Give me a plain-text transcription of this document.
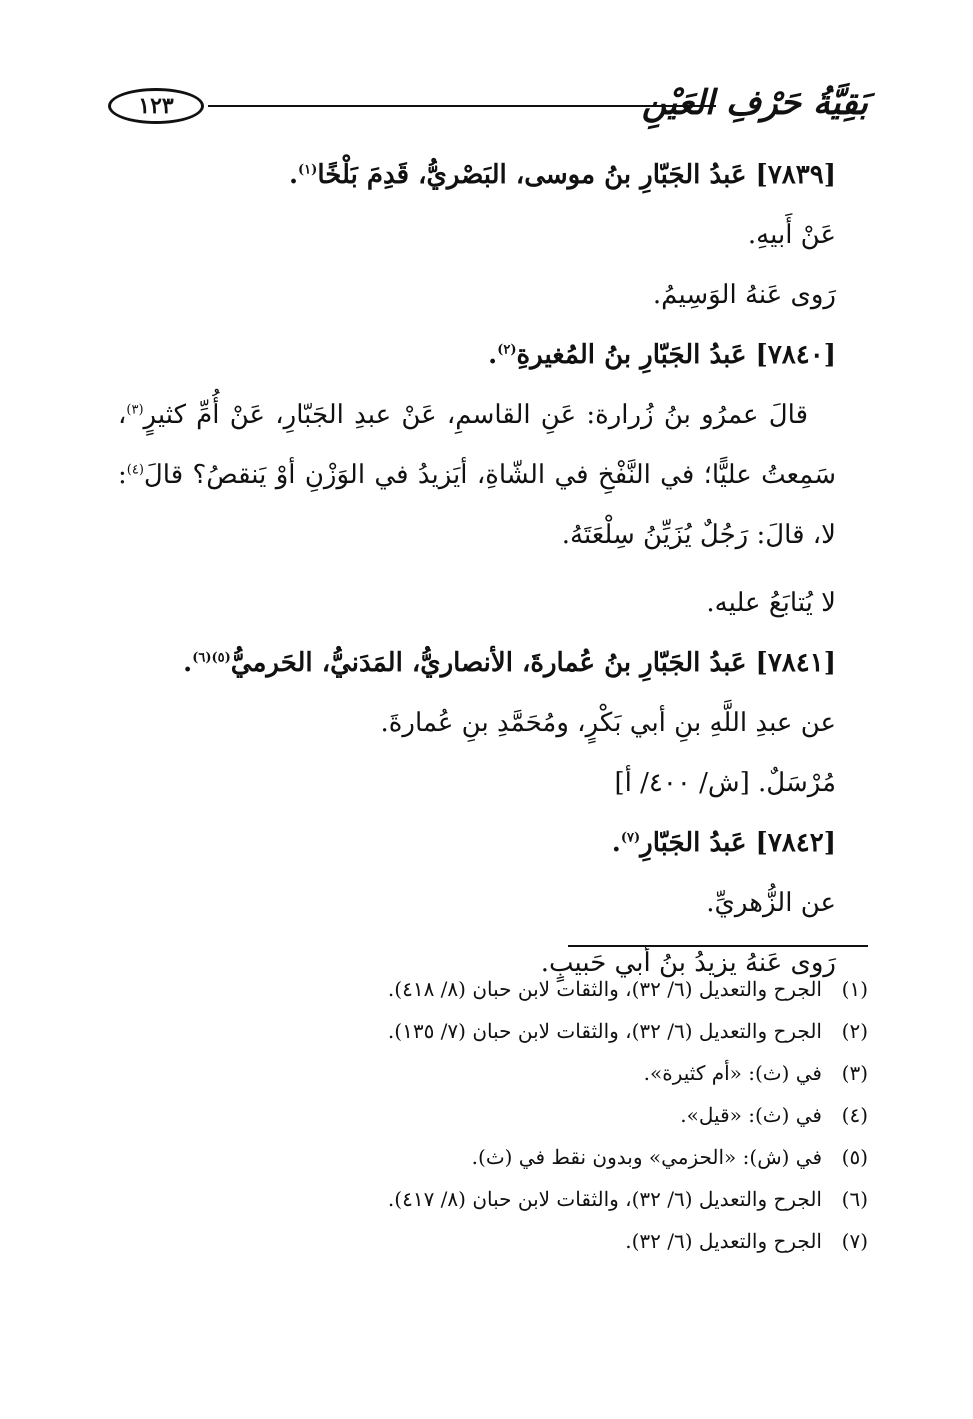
١٢٣	بَقِيَّةُ حَرْفِ العَيْنِ
[٧٨٣٩] عَبدُ الجَبّارِ بنُ موسى، البَصْريُّ، قَدِمَ بَلْخًا$^{(١)}$.
عَنْ أَبيهِ.
رَوى عَنهُ الوَسِيمُ.
[٧٨٤٠] عَبدُ الجَبّارِ بنُ المُغيرةِ$^{(٢)}$.

قالَ عمرُو بنُ زُرارة: عَنِ القاسمِ، عَنْ عبدِ الجَبّارِ، عَنْ أُمِّ كثيرٍ$^{(٣)}$، سَمِعتُ عليًّا؛ في النَّفْخِ في الشّاةِ، أيَزيدُ في الوَزْنِ أوْ يَنقصُ؟ قالَ$^{(٤)}$: لا، قالَ: رَجُلٌ يُزَيِّنُ سِلْعَتَهُ.

لا يُتابَعُ عليه.
[٧٨٤١] عَبدُ الجَبّارِ بنُ عُمارةَ، الأنصاريُّ، المَدَنيُّ، الحَرميُّ$^{(٥)(٦)}$.
عن عبدِ اللَّهِ بنِ أبي بَكْرٍ، ومُحَمَّدِ بنِ عُمارةَ.
مُرْسَلٌ. [ش/ ٤٠٠/ أ]
[٧٨٤٢] عَبدُ الجَبّارِ$^{(٧)}$.
عن الزُّهريِّ.
رَوى عَنهُ يزيدُ بنُ أبي حَبيبٍ.
(١)الجرح والتعديل (٦/ ٣٢)، والثقات لابن حبان (٨/ ٤١٨).
(٢)الجرح والتعديل (٦/ ٣٢)، والثقات لابن حبان (٧/ ١٣٥).
(٣)في (ث): «أم كثيرة».
(٤)في (ث): «قيل».
(٥)في (ش): «الحزمي» وبدون نقط في (ث).
(٦)الجرح والتعديل (٦/ ٣٢)، والثقات لابن حبان (٨/ ٤١٧).
(٧)الجرح والتعديل (٦/ ٣٢).
